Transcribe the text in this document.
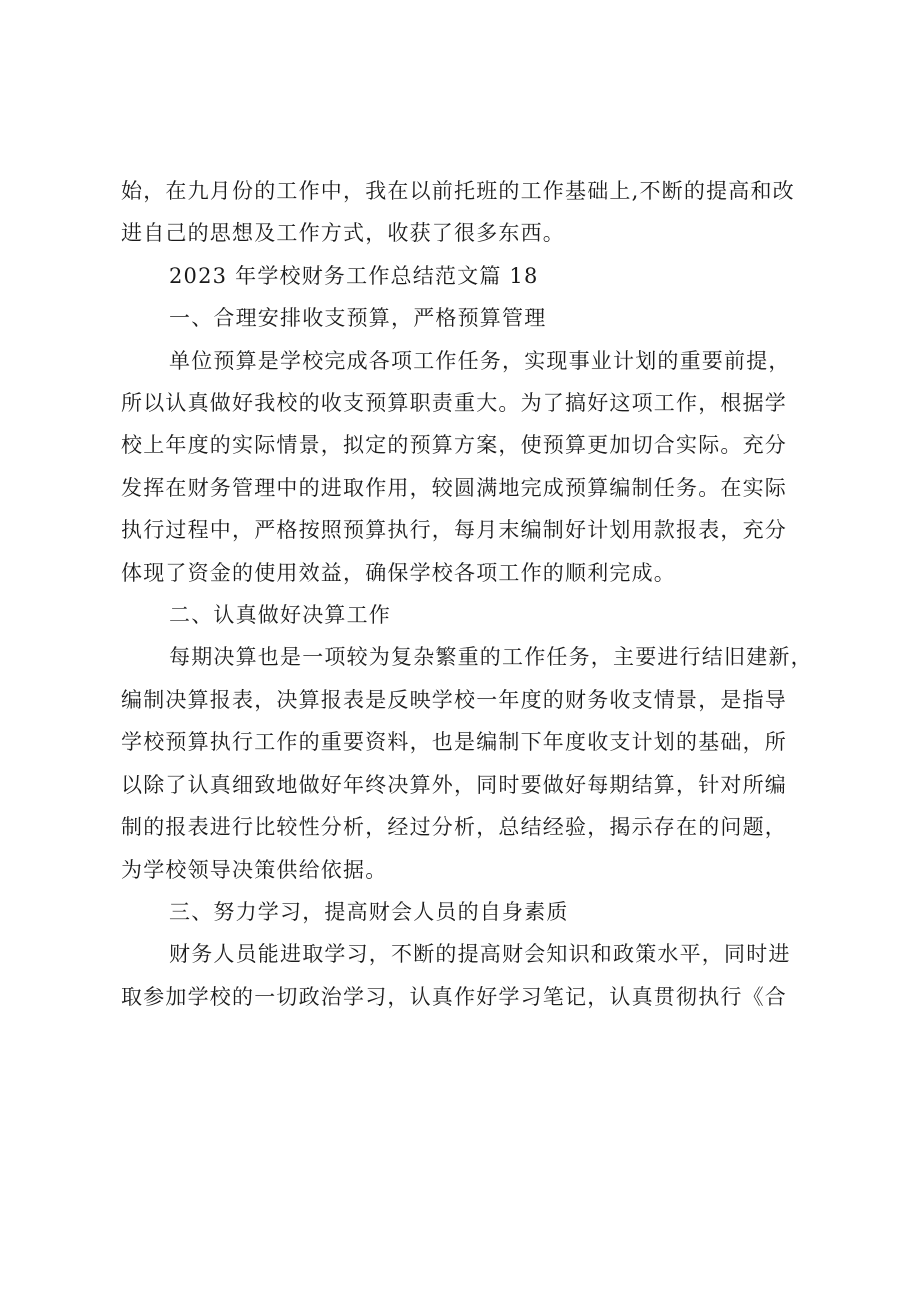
始，在九月份的工作中，我在以前托班的工作基础上,不断的提高和改
进自己的思想及工作方式，收获了很多东西。
2023 年学校财务工作总结范文篇 18
一、合理安排收支预算，严格预算管理
单位预算是学校完成各项工作任务，实现事业计划的重要前提，
所以认真做好我校的收支预算职责重大。为了搞好这项工作，根据学
校上年度的实际情景，拟定的预算方案，使预算更加切合实际。充分
发挥在财务管理中的进取作用，较圆满地完成预算编制任务。在实际
执行过程中，严格按照预算执行，每月末编制好计划用款报表，充分
体现了资金的使用效益，确保学校各项工作的顺利完成。
二、认真做好决算工作
每期决算也是一项较为复杂繁重的工作任务，主要进行结旧建新，
编制决算报表，决算报表是反映学校一年度的财务收支情景，是指导
学校预算执行工作的重要资料，也是编制下年度收支计划的基础，所
以除了认真细致地做好年终决算外，同时要做好每期结算，针对所编
制的报表进行比较性分析，经过分析，总结经验，揭示存在的问题，
为学校领导决策供给依据。
三、努力学习，提高财会人员的自身素质
财务人员能进取学习，不断的提高财会知识和政策水平，同时进
取参加学校的一切政治学习，认真作好学习笔记，认真贯彻执行《合
